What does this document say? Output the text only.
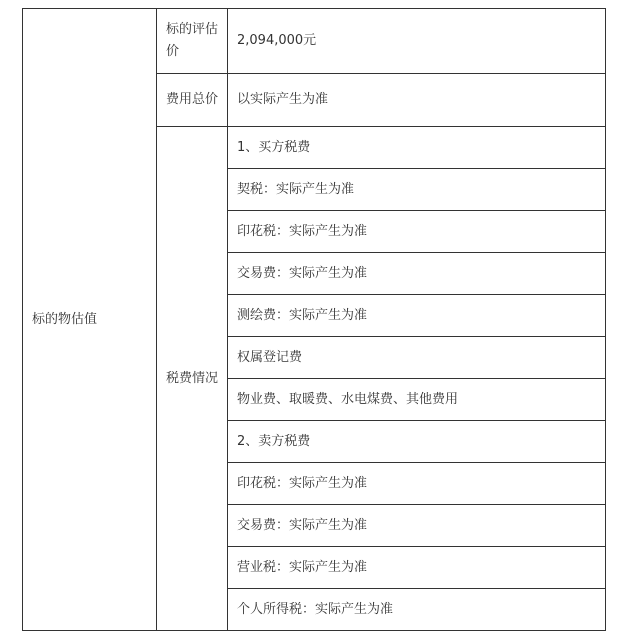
标的物估值	标的评估价	2,094,000元
	费用总价	以实际产生为准
	税费情况	1、买方税费
		契税：实际产生为准
		印花税：实际产生为准
		交易费：实际产生为准
		测绘费：实际产生为准
		权属登记费
		物业费、取暖费、水电煤费、其他费用
		2、卖方税费
		印花税：实际产生为准
		交易费：实际产生为准
		营业税：实际产生为准
		个人所得税：实际产生为准
